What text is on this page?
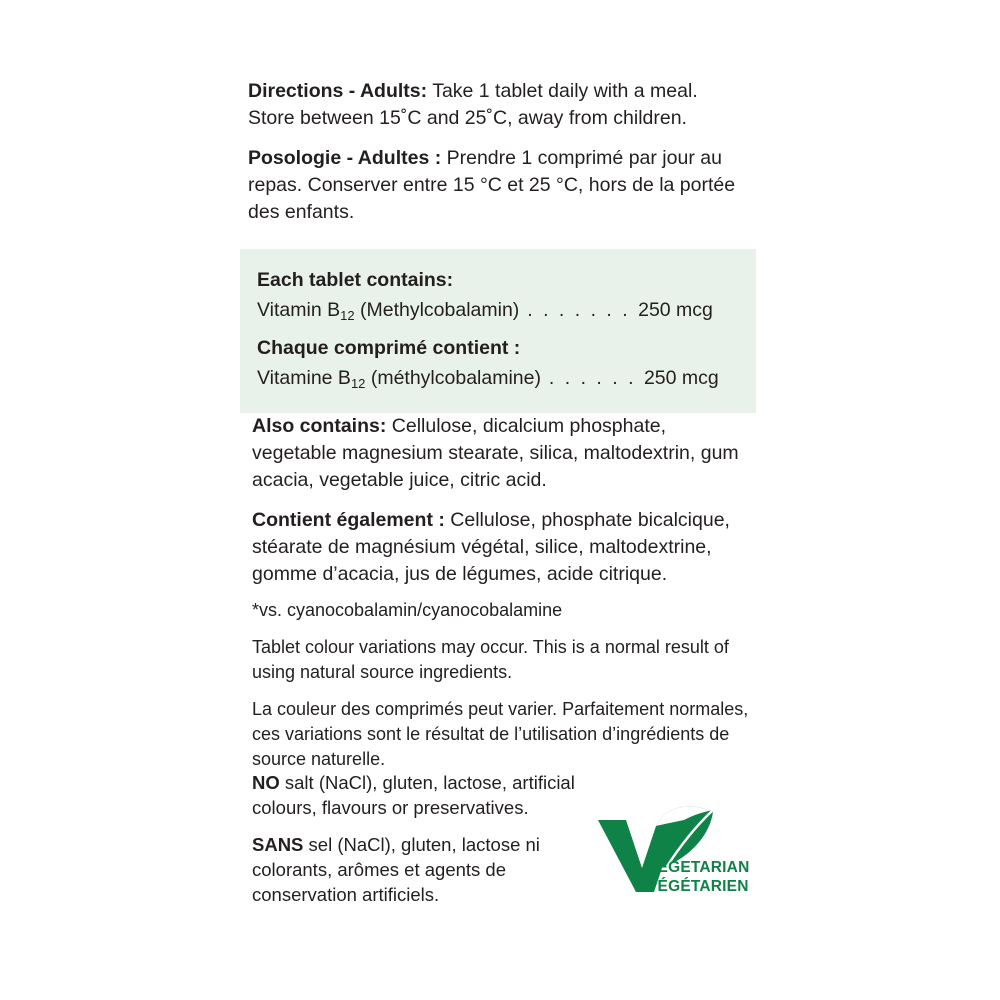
Directions - Adults: Take 1 tablet daily with a meal. Store between 15˚C and 25˚C, away from children.

Posologie - Adultes : Prendre 1 comprimé par jour au repas. Conserver entre 15 °C et 25 °C, hors de la portée des enfants.

Each tablet contains:
Vitamin $B_{12}$ (Methylcobalamin) . . . . . . . 250 mcg
Chaque comprimé contient :
Vitamine $B_{12}$ (méthylcobalamine) . . . . . . 250 mcg

Also contains: Cellulose, dicalcium phosphate, vegetable magnesium stearate, silica, maltodextrin, gum acacia, vegetable juice, citric acid.

Contient également : Cellulose, phosphate bicalcique, stéarate de magnésium végétal, silice, maltodextrine, gomme d’acacia, jus de légumes, acide citrique.

*vs. cyanocobalamin/cyanocobalamine

Tablet colour variations may occur. This is a normal result of using natural source ingredients.

La couleur des comprimés peut varier. Parfaitement normales, ces variations sont le résultat de l’utilisation d’ingrédients de source naturelle.

NO salt (NaCl), gluten, lactose, artificial colours, flavours or preservatives.

SANS sel (NaCl), gluten, lactose ni colorants, arômes et agents de conservation artificiels.

VEGETARIAN
VÉGÉTARIEN
